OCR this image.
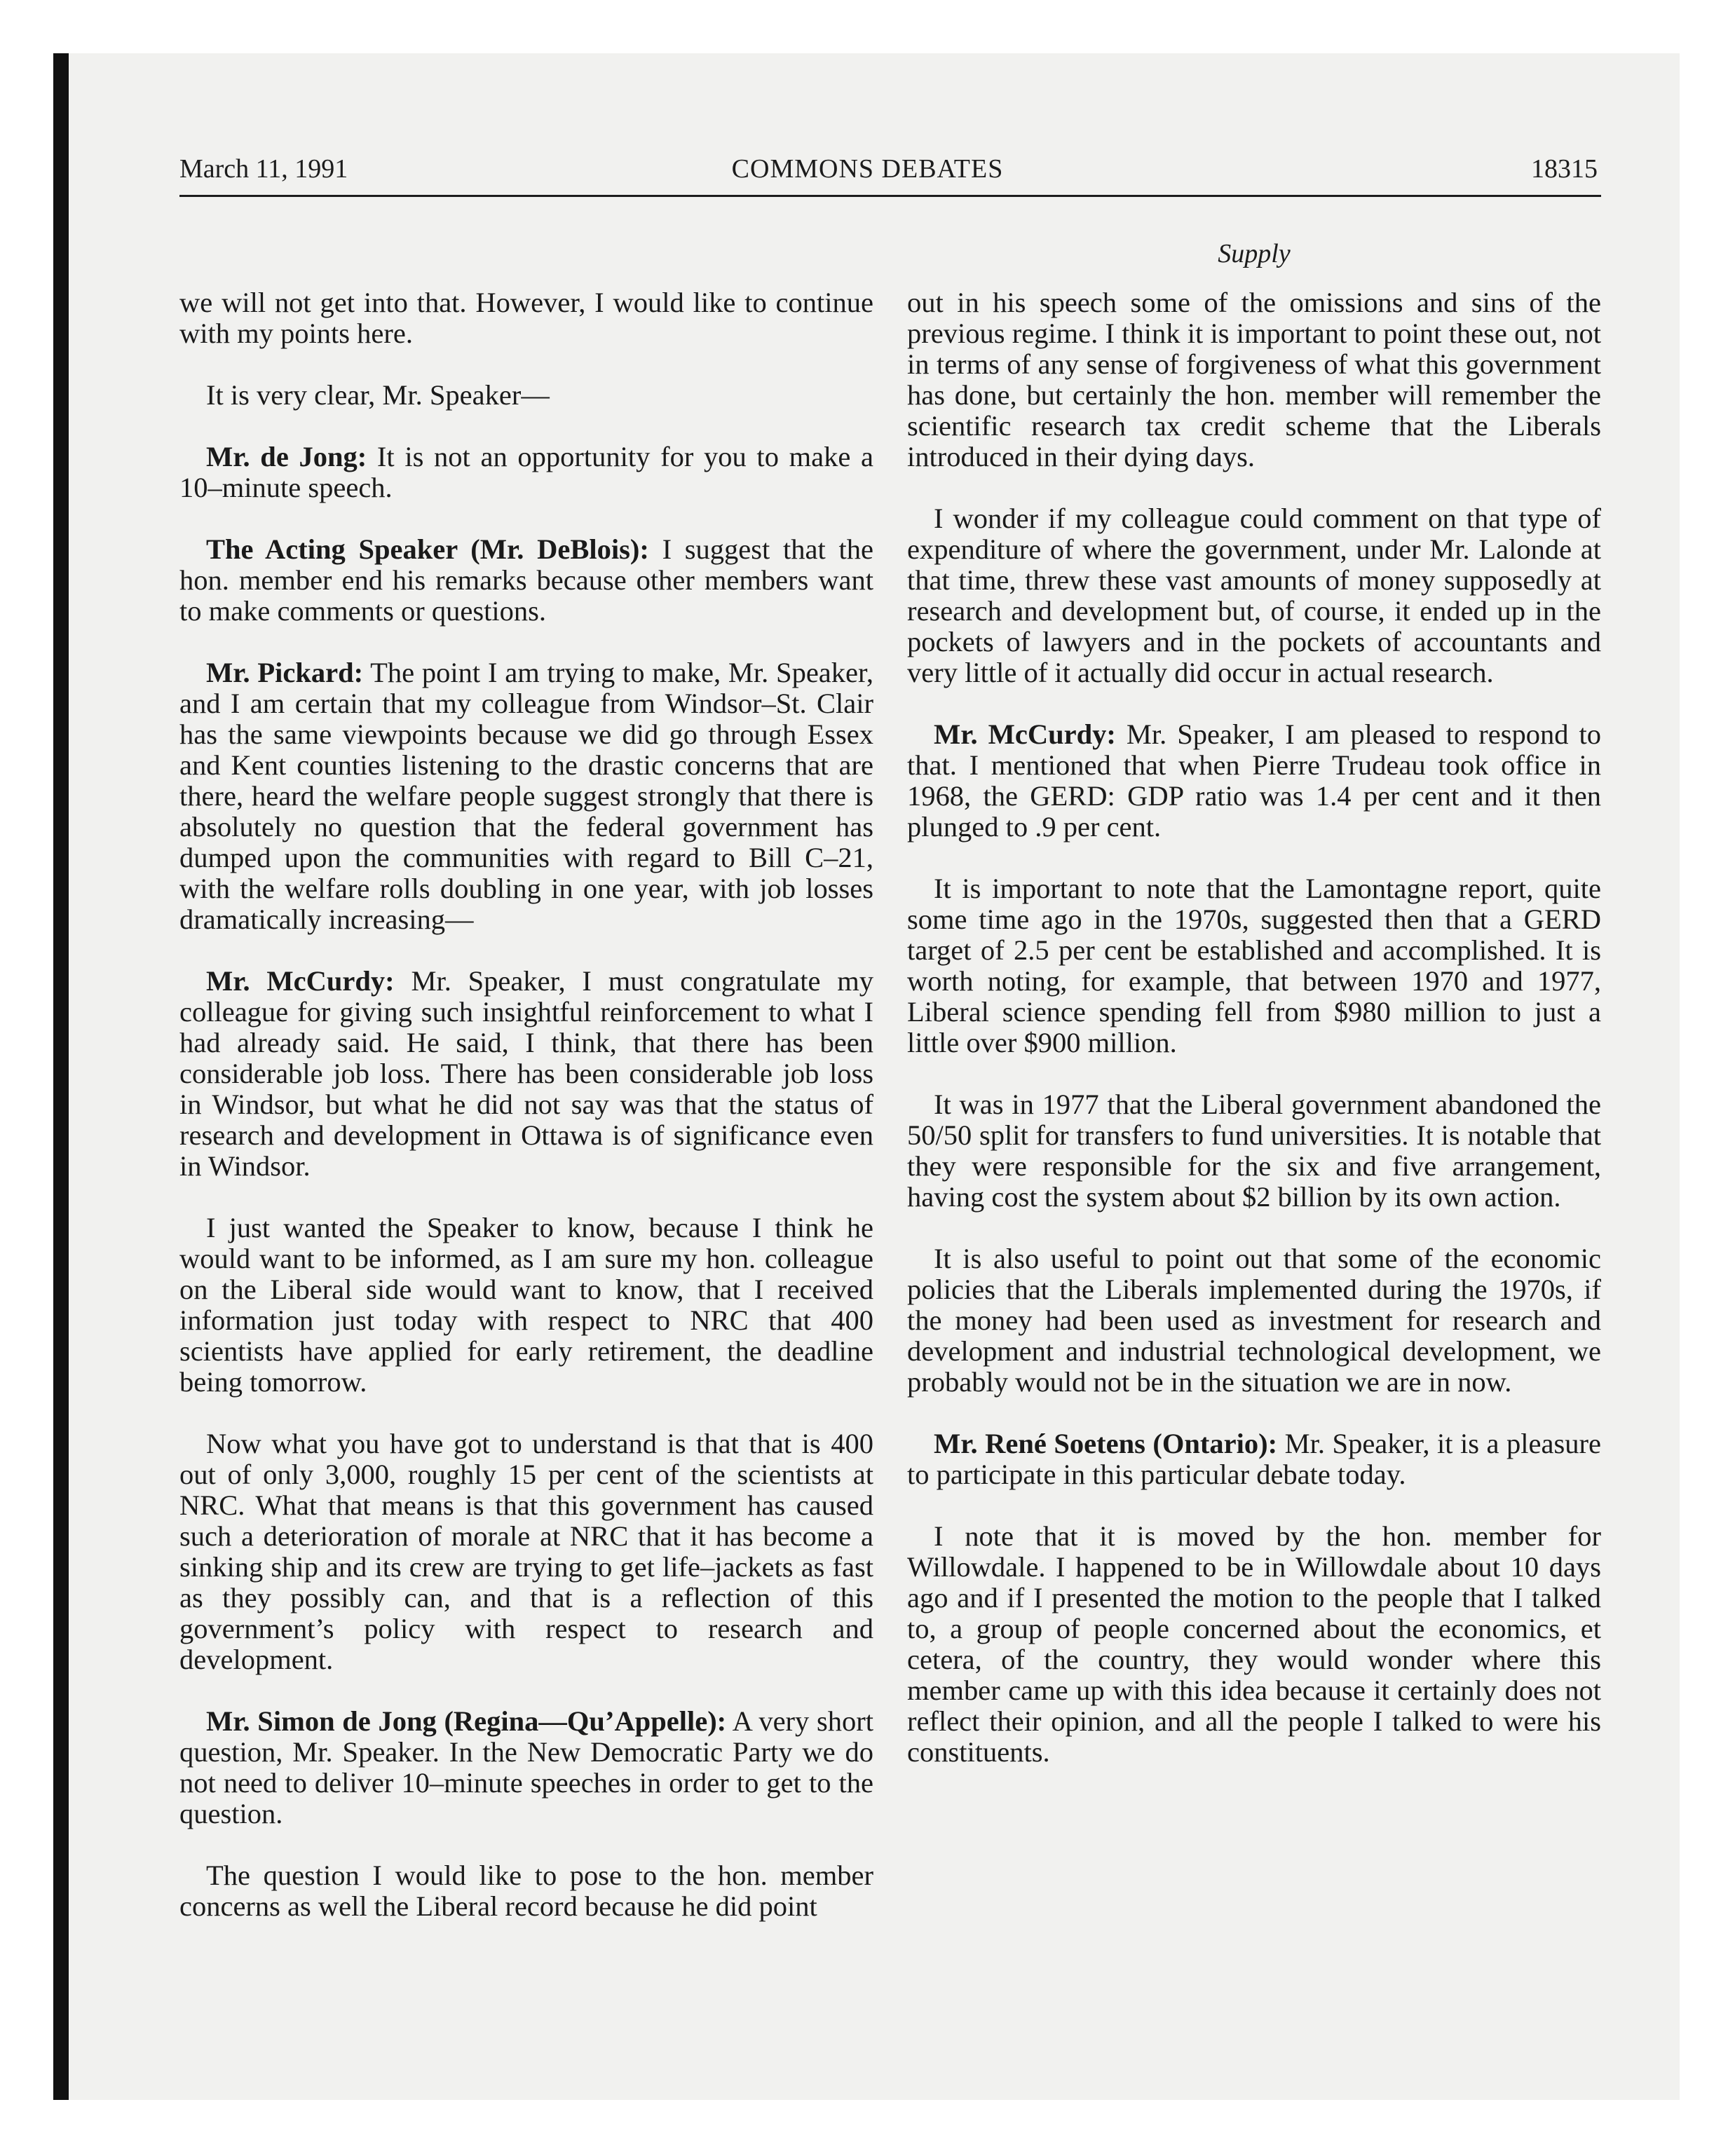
March 11, 1991	COMMONS DEBATES	18315
Supply

we will not get into that. However, I would like to continue with my points here.

It is very clear, Mr. Speaker—

Mr. de Jong: It is not an opportunity for you to make a 10–minute speech.

The Acting Speaker (Mr. DeBlois): I suggest that the hon. member end his remarks because other members want to make comments or questions.

Mr. Pickard: The point I am trying to make, Mr. Speaker, and I am certain that my colleague from Windsor–St. Clair has the same viewpoints because we did go through Essex and Kent counties listening to the drastic concerns that are there, heard the welfare people suggest strongly that there is absolutely no question that the federal government has dumped upon the communities with regard to Bill C–21, with the welfare rolls doubling in one year, with job losses dramatically increasing—

Mr. McCurdy: Mr. Speaker, I must congratulate my colleague for giving such insightful reinforcement to what I had already said. He said, I think, that there has been considerable job loss. There has been considerable job loss in Windsor, but what he did not say was that the status of research and development in Ottawa is of significance even in Windsor.

I just wanted the Speaker to know, because I think he would want to be informed, as I am sure my hon. colleague on the Liberal side would want to know, that I received information just today with respect to NRC that 400 scientists have applied for early retirement, the deadline being tomorrow.

Now what you have got to understand is that that is 400 out of only 3,000, roughly 15 per cent of the scientists at NRC. What that means is that this government has caused such a deterioration of morale at NRC that it has become a sinking ship and its crew are trying to get life–jackets as fast as they possibly can, and that is a reflection of this government’s policy with respect to research and development.

Mr. Simon de Jong (Regina—Qu’Appelle): A very short question, Mr. Speaker. In the New Democratic Party we do not need to deliver 10–minute speeches in order to get to the question.

The question I would like to pose to the hon. member concerns as well the Liberal record because he did point

out in his speech some of the omissions and sins of the previous regime. I think it is important to point these out, not in terms of any sense of forgiveness of what this government has done, but certainly the hon. member will remember the scientific research tax credit scheme that the Liberals introduced in their dying days.

I wonder if my colleague could comment on that type of expenditure of where the government, under Mr. Lalonde at that time, threw these vast amounts of money supposedly at research and development but, of course, it ended up in the pockets of lawyers and in the pockets of accountants and very little of it actually did occur in actual research.

Mr. McCurdy: Mr. Speaker, I am pleased to respond to that. I mentioned that when Pierre Trudeau took office in 1968, the GERD: GDP ratio was 1.4 per cent and it then plunged to .9 per cent.

It is important to note that the Lamontagne report, quite some time ago in the 1970s, suggested then that a GERD target of 2.5 per cent be established and accomplished. It is worth noting, for example, that between 1970 and 1977, Liberal science spending fell from $980 million to just a little over $900 million.

It was in 1977 that the Liberal government abandoned the 50/50 split for transfers to fund universities. It is notable that they were responsible for the six and five arrangement, having cost the system about $2 billion by its own action.

It is also useful to point out that some of the economic policies that the Liberals implemented during the 1970s, if the money had been used as investment for research and development and industrial technological development, we probably would not be in the situation we are in now.

Mr. René Soetens (Ontario): Mr. Speaker, it is a pleasure to participate in this particular debate today.

I note that it is moved by the hon. member for Willowdale. I happened to be in Willowdale about 10 days ago and if I presented the motion to the people that I talked to, a group of people concerned about the economics, et cetera, of the country, they would wonder where this member came up with this idea because it certainly does not reflect their opinion, and all the people I talked to were his constituents.
